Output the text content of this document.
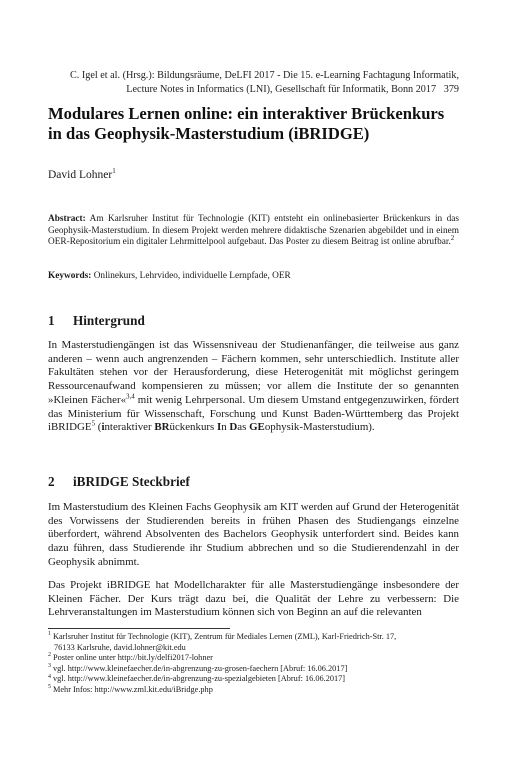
C. Igel et al. (Hrsg.): Bildungsräume, DeLFI 2017 - Die 15. e-Learning Fachtagung Informatik,
Lecture Notes in Informatics (LNI), Gesellschaft für Informatik, Bonn 2017 379
Modulares Lernen online: ein interaktiver Brückenkurs
in das Geophysik-Masterstudium (iBRIDGE)
David Lohner$^1$
Abstract: Am Karlsruher Institut für Technologie (KIT) entsteht ein onlinebasierter Brückenkurs in das Geophysik-Masterstudium. In diesem Projekt werden mehrere didaktische Szenarien abgebildet und in einem OER-Repositorium ein digitaler Lehrmittelpool aufgebaut. Das Poster zu diesem Beitrag ist online abrufbar.$^2$
Keywords: Onlinekurs, Lehrvideo, individuelle Lernpfade, OER
1 Hintergrund
In Masterstudiengängen ist das Wissensniveau der Studienanfänger, die teilweise aus ganz anderen – wenn auch angrenzenden – Fächern kommen, sehr unterschiedlich. Institute aller Fakultäten stehen vor der Herausforderung, diese Heterogenität mit möglichst geringem Ressourcenaufwand kompensieren zu müssen; vor allem die Institute der so genannten »Kleinen Fächer«$^{3,4}$ mit wenig Lehrpersonal. Um diesem Umstand entgegenzuwirken, fördert das Ministerium für Wissenschaft, Forschung und Kunst Baden-Württemberg das Projekt iBRIDGE$^5$ (interaktiver BRückenkurs In Das GEophysik-Masterstudium).
2 iBRIDGE Steckbrief
Im Masterstudium des Kleinen Fachs Geophysik am KIT werden auf Grund der Heterogenität des Vorwissens der Studierenden bereits in frühen Phasen des Studiengangs einzelne überfordert, während Absolventen des Bachelors Geophysik unterfordert sind. Beides kann dazu führen, dass Studierende ihr Studium abbrechen und so die Studierendenzahl in der Geophysik abnimmt.
Das Projekt iBRIDGE hat Modellcharakter für alle Masterstudiengänge insbesondere der Kleinen Fächer. Der Kurs trägt dazu bei, die Qualität der Lehre zu verbessern: Die Lehrveranstaltungen im Masterstudium können sich von Beginn an auf die relevanten
$^1$ Karlsruher Institut für Technologie (KIT), Zentrum für Mediales Lernen (ZML), Karl-Friedrich-Str. 17,
76133 Karlsruhe, david.lohner@kit.edu
$^2$ Poster online unter http://bit.ly/delfi2017-lohner
$^3$ vgl. http://www.kleinefaecher.de/in-abgrenzung-zu-grosen-faechern [Abruf: 16.06.2017]
$^4$ vgl. http://www.kleinefaecher.de/in-abgrenzung-zu-spezialgebieten [Abruf: 16.06.2017]
$^5$ Mehr Infos: http://www.zml.kit.edu/iBridge.php
